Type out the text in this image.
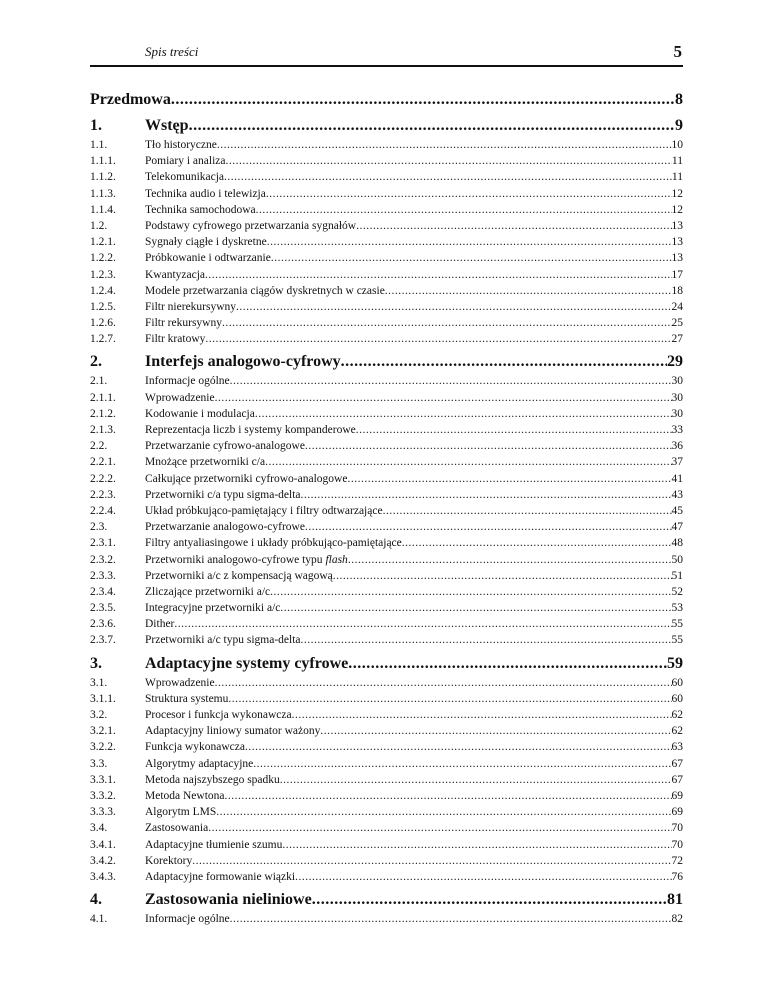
Spis treści	5
Przedmowa .....	8
1.	Wstęp .....	9
1.1.	Tło historyczne .....	10
1.1.1.	Pomiary i analiza .....	11
1.1.2.	Telekomunikacja .....	11
1.1.3.	Technika audio i telewizja .....	12
1.1.4.	Technika samochodowa .....	12
1.2.	Podstawy cyfrowego przetwarzania sygnałów .....	13
1.2.1.	Sygnały ciągłe i dyskretne .....	13
1.2.2.	Próbkowanie i odtwarzanie .....	13
1.2.3.	Kwantyzacja .....	17
1.2.4.	Modele przetwarzania ciągów dyskretnych w czasie .....	18
1.2.5.	Filtr nierekursywny .....	24
1.2.6.	Filtr rekursywny .....	25
1.2.7.	Filtr kratowy .....	27
2.	Interfejs analogowo-cyfrowy .....	29
2.1.	Informacje ogólne .....	30
2.1.1.	Wprowadzenie .....	30
2.1.2.	Kodowanie i modulacja .....	30
2.1.3.	Reprezentacja liczb i systemy kompanderowe .....	33
2.2.	Przetwarzanie cyfrowo-analogowe .....	36
2.2.1.	Mnożące przetworniki c/a .....	37
2.2.2.	Całkujące przetworniki cyfrowo-analogowe .....	41
2.2.3.	Przetworniki c/a typu sigma-delta .....	43
2.2.4.	Układ próbkująco-pamiętający i filtry odtwarzające .....	45
2.3.	Przetwarzanie analogowo-cyfrowe .....	47
2.3.1.	Filtry antyaliasingowe i układy próbkująco-pamiętające .....	48
2.3.2.	Przetworniki analogowo-cyfrowe typu flash .....	50
2.3.3.	Przetworniki a/c z kompensacją wagową .....	51
2.3.4.	Zliczające przetworniki a/c .....	52
2.3.5.	Integracyjne przetworniki a/c .....	53
2.3.6.	Dither .....	55
2.3.7.	Przetworniki a/c typu sigma-delta .....	55
3.	Adaptacyjne systemy cyfrowe .....	59
3.1.	Wprowadzenie .....	60
3.1.1.	Struktura systemu .....	60
3.2.	Procesor i funkcja wykonawcza .....	62
3.2.1.	Adaptacyjny liniowy sumator ważony .....	62
3.2.2.	Funkcja wykonawcza .....	63
3.3.	Algorytmy adaptacyjne .....	67
3.3.1.	Metoda najszybszego spadku .....	67
3.3.2.	Metoda Newtona .....	69
3.3.3.	Algorytm LMS .....	69
3.4.	Zastosowania .....	70
3.4.1.	Adaptacyjne tłumienie szumu .....	70
3.4.2.	Korektory .....	72
3.4.3.	Adaptacyjne formowanie wiązki .....	76
4.	Zastosowania nieliniowe .....	81
4.1.	Informacje ogólne .....	82
